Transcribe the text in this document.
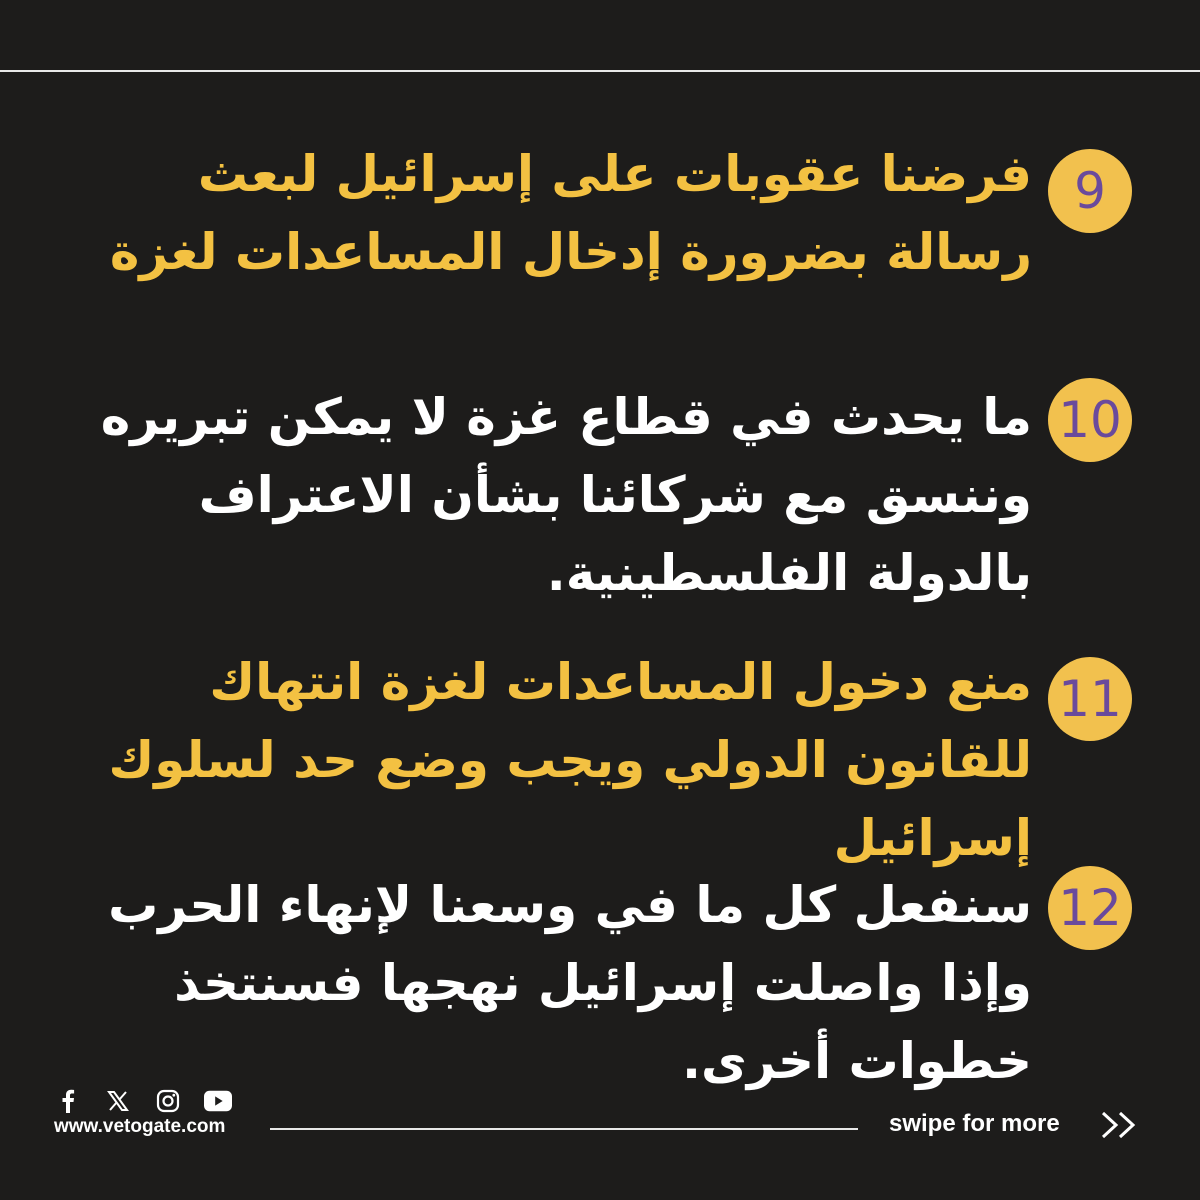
9
فرضنا عقوبات على إسرائيل لبعث رسالة بضرورة إدخال المساعدات لغزة
10
ما يحدث في قطاع غزة لا يمكن تبريره وننسق مع شركائنا بشأن الاعتراف بالدولة الفلسطينية.
11
منع دخول المساعدات لغزة انتهاك للقانون الدولي ويجب وضع حد لسلوك إسرائيل
12
سنفعل كل ما في وسعنا لإنهاء الحرب وإذا واصلت إسرائيل نهجها فسنتخذ خطوات أخرى.
www.vetogate.com	swipe for more
